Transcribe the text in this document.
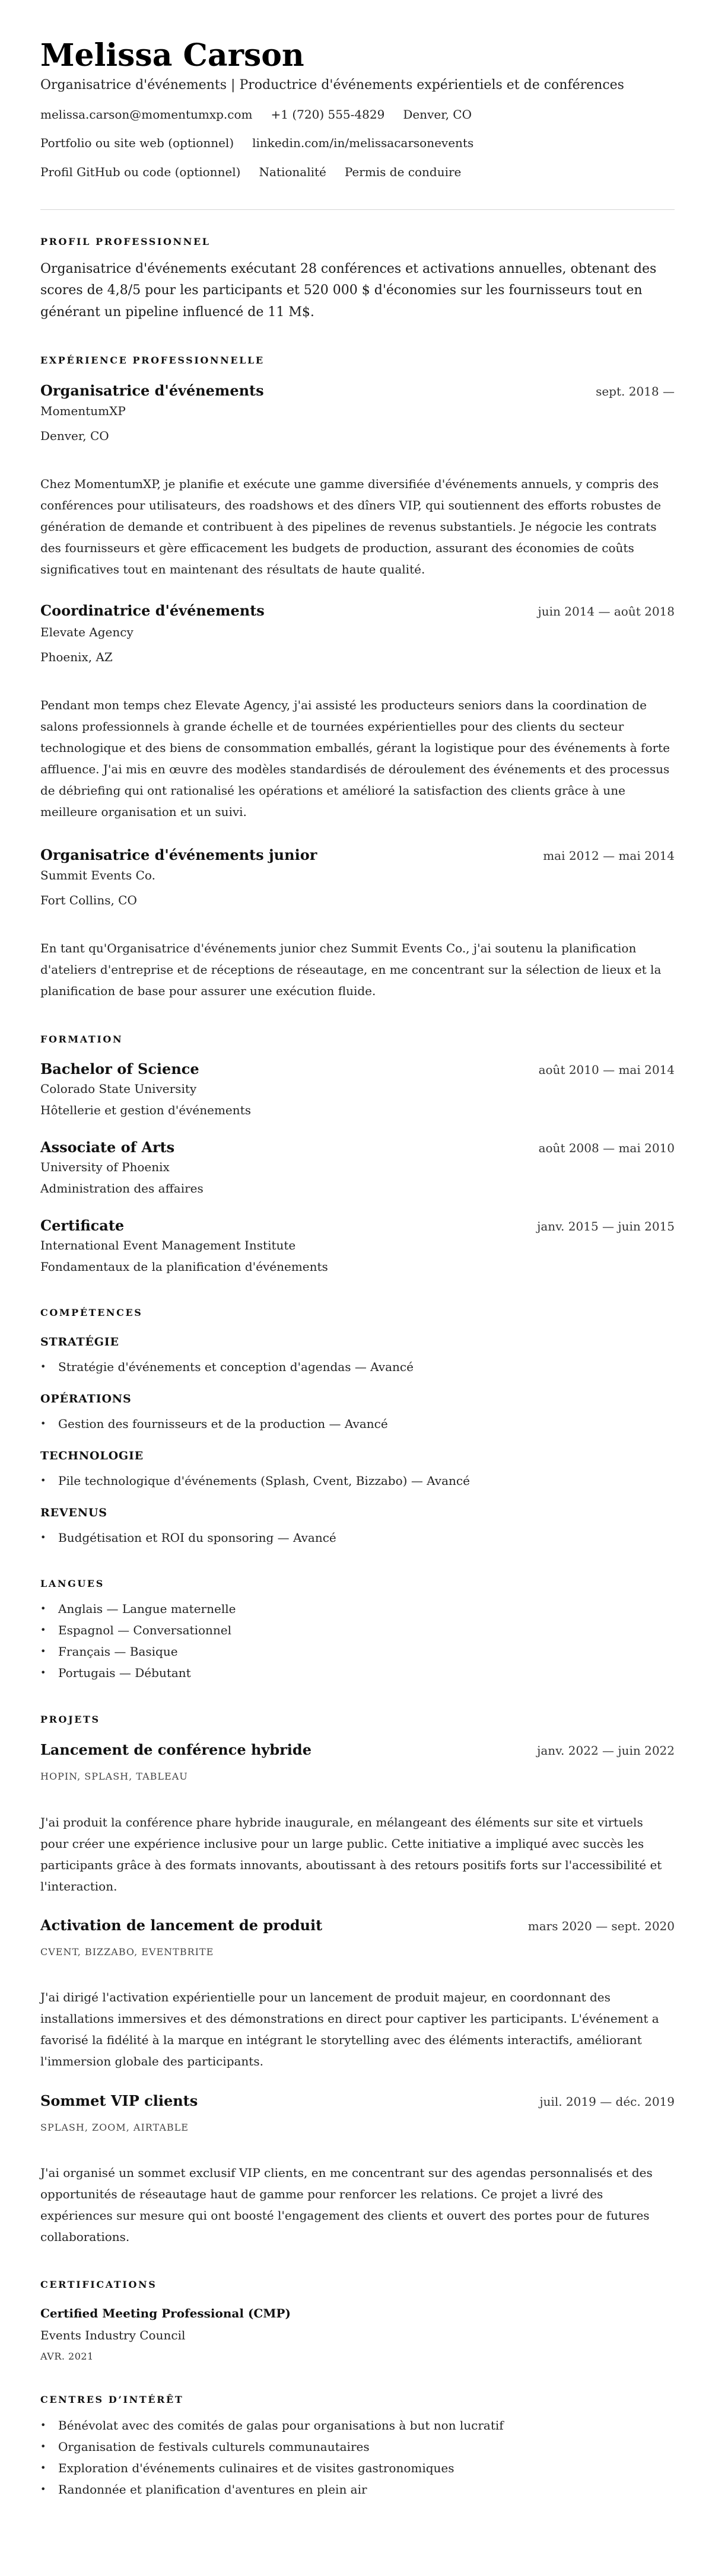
Melissa Carson
Organisatrice d'événements | Productrice d'événements expérientiels et de conférences
melissa.carson@momentumxp.com +1 (720) 555-4829 Denver, CO
Portfolio ou site web (optionnel) linkedin.com/in/melissacarsonevents
Profil GitHub ou code (optionnel) Nationalité Permis de conduire
PROFIL PROFESSIONNEL

Organisatrice d'événements exécutant 28 conférences et activations annuelles, obtenant des scores de 4,8/5 pour les participants et 520 000 $ d'économies sur les fournisseurs tout en générant un pipeline influencé de 11 M$.

EXPÉRIENCE PROFESSIONNELLE
Organisatrice d'événements	sept. 2018 —
MomentumXP
Denver, CO
Chez MomentumXP, je planifie et exécute une gamme diversifiée d'événements annuels, y compris des conférences pour utilisateurs, des roadshows et des dîners VIP, qui soutiennent des efforts robustes de génération de demande et contribuent à des pipelines de revenus substantiels. Je négocie les contrats des fournisseurs et gère efficacement les budgets de production, assurant des économies de coûts significatives tout en maintenant des résultats de haute qualité.
Coordinatrice d'événements	juin 2014 — août 2018
Elevate Agency
Phoenix, AZ
Pendant mon temps chez Elevate Agency, j'ai assisté les producteurs seniors dans la coordination de salons professionnels à grande échelle et de tournées expérientielles pour des clients du secteur technologique et des biens de consommation emballés, gérant la logistique pour des événements à forte affluence. J'ai mis en œuvre des modèles standardisés de déroulement des événements et des processus de débriefing qui ont rationalisé les opérations et amélioré la satisfaction des clients grâce à une meilleure organisation et un suivi.
Organisatrice d'événements junior	mai 2012 — mai 2014
Summit Events Co.
Fort Collins, CO
En tant qu'Organisatrice d'événements junior chez Summit Events Co., j'ai soutenu la planification d'ateliers d'entreprise et de réceptions de réseautage, en me concentrant sur la sélection de lieux et la planification de base pour assurer une exécution fluide.
FORMATION
Bachelor of Science	août 2010 — mai 2014
Colorado State University
Hôtellerie et gestion d'événements
Associate of Arts	août 2008 — mai 2010
University of Phoenix
Administration des affaires
Certificate	janv. 2015 — juin 2015
International Event Management Institute
Fondamentaux de la planification d'événements
COMPÉTENCES
STRATÉGIE
• Stratégie d'événements et conception d'agendas — Avancé
OPÉRATIONS
• Gestion des fournisseurs et de la production — Avancé
TECHNOLOGIE
• Pile technologique d'événements (Splash, Cvent, Bizzabo) — Avancé
REVENUS
• Budgétisation et ROI du sponsoring — Avancé
LANGUES
• Anglais — Langue maternelle
• Espagnol — Conversationnel
• Français — Basique
• Portugais — Débutant
PROJETS
Lancement de conférence hybride	janv. 2022 — juin 2022
HOPIN, SPLASH, TABLEAU
J'ai produit la conférence phare hybride inaugurale, en mélangeant des éléments sur site et virtuels pour créer une expérience inclusive pour un large public. Cette initiative a impliqué avec succès les participants grâce à des formats innovants, aboutissant à des retours positifs forts sur l'accessibilité et l'interaction.
Activation de lancement de produit	mars 2020 — sept. 2020
CVENT, BIZZABO, EVENTBRITE
J'ai dirigé l'activation expérientielle pour un lancement de produit majeur, en coordonnant des installations immersives et des démonstrations en direct pour captiver les participants. L'événement a favorisé la fidélité à la marque en intégrant le storytelling avec des éléments interactifs, améliorant l'immersion globale des participants.
Sommet VIP clients	juil. 2019 — déc. 2019
SPLASH, ZOOM, AIRTABLE
J'ai organisé un sommet exclusif VIP clients, en me concentrant sur des agendas personnalisés et des opportunités de réseautage haut de gamme pour renforcer les relations. Ce projet a livré des expériences sur mesure qui ont boosté l'engagement des clients et ouvert des portes pour de futures collaborations.
CERTIFICATIONS
Certified Meeting Professional (CMP)
Events Industry Council
AVR. 2021
CENTRES D’INTÉRÊT
• Bénévolat avec des comités de galas pour organisations à but non lucratif
• Organisation de festivals culturels communautaires
• Exploration d'événements culinaires et de visites gastronomiques
• Randonnée et planification d'aventures en plein air
